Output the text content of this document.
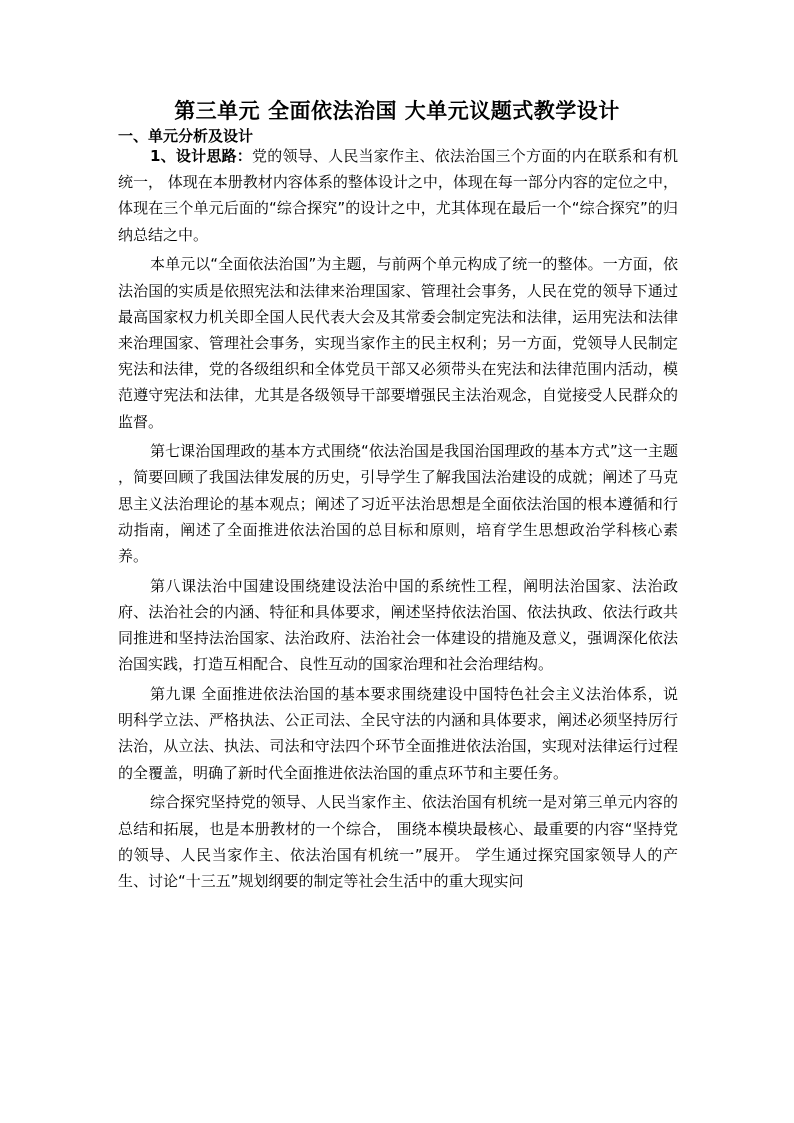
第三单元 全面依法治国 大单元议题式教学设计
一、单元分析及设计

1、设计思路：党的领导、人民当家作主、依法治国三个方面的内在联系和有机统一， 体现在本册教材内容体系的整体设计之中，体现在每一部分内容的定位之中， 体现在三个单元后面的“综合探究”的设计之中，尤其体现在最后一个“综合探究”的归纳总结之中。

本单元以“全面依法治国”为主题，与前两个单元构成了统一的整体。一方面，依法治国的实质是依照宪法和法律来治理国家、管理社会事务，人民在党的领导下通过最高国家权力机关即全国人民代表大会及其常委会制定宪法和法律，运用宪法和法律来治理国家、管理社会事务，实现当家作主的民主权利；另一方面，党领导人民制定宪法和法律，党的各级组织和全体党员干部又必须带头在宪法和法律范围内活动，模范遵守宪法和法律，尤其是各级领导干部要增强民主法治观念，自觉接受人民群众的监督。

第七课治国理政的基本方式围绕“依法治国是我国治国理政的基本方式”这一主题 ，简要回顾了我国法律发展的历史，引导学生了解我国法治建设的成就；阐述了马克思主义法治理论的基本观点；阐述了习近平法治思想是全面依法治国的根本遵循和行动指南，阐述了全面推进依法治国的总目标和原则，培育学生思想政治学科核心素养。

第八课法治中国建设围绕建设法治中国的系统性工程，阐明法治国家、法治政府、法治社会的内涵、特征和具体要求，阐述坚持依法治国、依法执政、依法行政共同推进和坚持法治国家、法治政府、法治社会一体建设的措施及意义，强调深化依法治国实践，打造互相配合、良性互动的国家治理和社会治理结构。

第九课 全面推进依法治国的基本要求围绕建设中国特色社会主义法治体系，说明科学立法、严格执法、公正司法、全民守法的内涵和具体要求，阐述必须坚持厉行法治，从立法、执法、司法和守法四个环节全面推进依法治国，实现对法律运行过程的全覆盖，明确了新时代全面推进依法治国的重点环节和主要任务。

综合探究坚持党的领导、人民当家作主、依法治国有机统一是对第三单元内容的总结和拓展，也是本册教材的一个综合， 围绕本模块最核心、最重要的内容“坚持党的领导、人民当家作主、依法治国有机统一”展开。 学生通过探究国家领导人的产生、讨论“十三五”规划纲要的制定等社会生活中的重大现实问
